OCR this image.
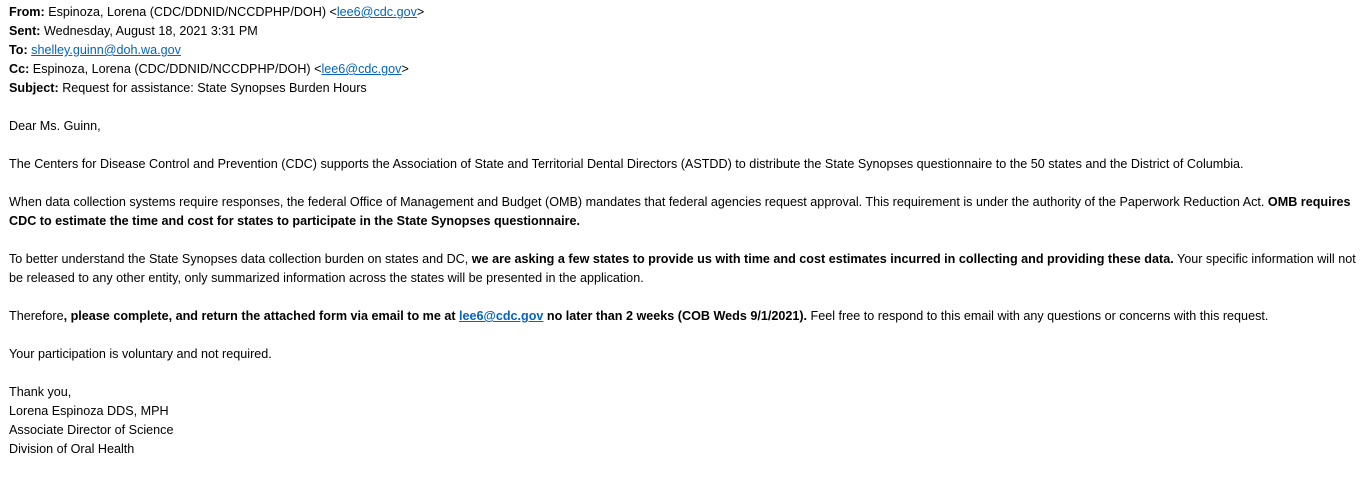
From: Espinoza, Lorena (CDC/DDNID/NCCDPHP/DOH) <lee6@cdc.gov>
Sent: Wednesday, August 18, 2021 3:31 PM
To: shelley.guinn@doh.wa.gov
Cc: Espinoza, Lorena (CDC/DDNID/NCCDPHP/DOH) <lee6@cdc.gov>
Subject: Request for assistance: State Synopses Burden Hours

Dear Ms. Guinn,

The Centers for Disease Control and Prevention (CDC) supports the Association of State and Territorial Dental Directors (ASTDD) to distribute the State Synopses questionnaire to the 50 states and the District of Columbia.

When data collection systems require responses, the federal Office of Management and Budget (OMB) mandates that federal agencies request approval. This requirement is under the authority of the Paperwork Reduction Act. OMB requires CDC to estimate the time and cost for states to participate in the State Synopses questionnaire.

To better understand the State Synopses data collection burden on states and DC, we are asking a few states to provide us with time and cost estimates incurred in collecting and providing these data. Your specific information will not be released to any other entity, only summarized information across the states will be presented in the application.

Therefore, please complete, and return the attached form via email to me at lee6@cdc.gov no later than 2 weeks (COB Weds 9/1/2021). Feel free to respond to this email with any questions or concerns with this request.

Your participation is voluntary and not required.

Thank you,
Lorena Espinoza DDS, MPH
Associate Director of Science
Division of Oral Health
